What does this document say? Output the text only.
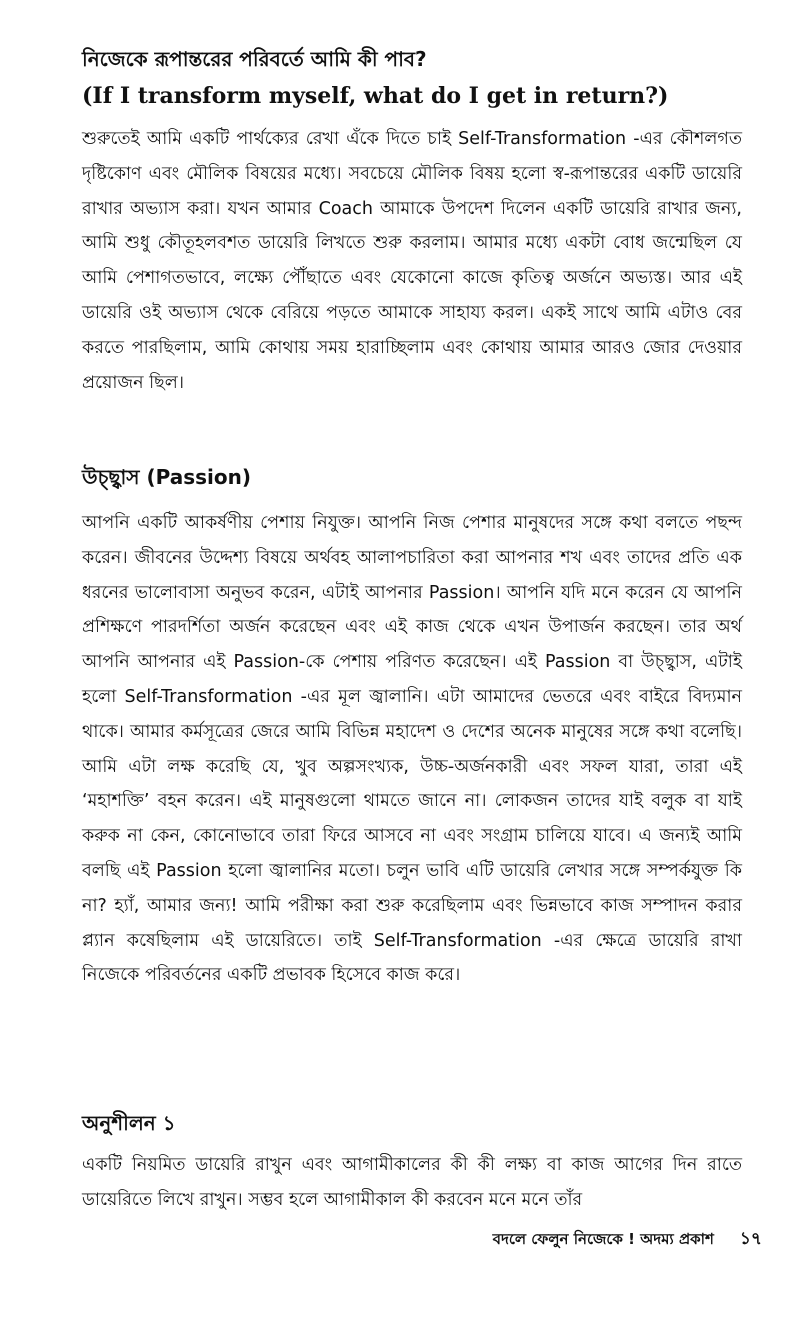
নিজেকে রূপান্তরের পরিবর্তে আমি কী পাব?
(If I transform myself, what do I get in return?)

শুরুতেই আমি একটি পার্থক্যের রেখা এঁকে দিতে চাই Self-Transformation -এর কৌশলগত দৃষ্টিকোণ এবং মৌলিক বিষয়ের মধ্যে। সবচেয়ে মৌলিক বিষয় হলো স্ব-রূপান্তরের একটি ডায়েরি রাখার অভ্যাস করা। যখন আমার Coach আমাকে উপদেশ দিলেন একটি ডায়েরি রাখার জন্য, আমি শুধু কৌতূহলবশত ডায়েরি লিখতে শুরু করলাম। আমার মধ্যে একটা বোধ জন্মেছিল যে আমি পেশাগতভাবে, লক্ষ্যে পৌঁছাতে এবং যেকোনো কাজে কৃতিত্ব অর্জনে অভ্যস্ত। আর এই ডায়েরি ওই অভ্যাস থেকে বেরিয়ে পড়তে আমাকে সাহায্য করল। একই সাথে আমি এটাও বের করতে পারছিলাম, আমি কোথায় সময় হারাচ্ছিলাম এবং কোথায় আমার আরও জোর দেওয়ার প্রয়োজন ছিল।

উচ্ছ্বাস (Passion)

আপনি একটি আকর্ষণীয় পেশায় নিযুক্ত। আপনি নিজ পেশার মানুষদের সঙ্গে কথা বলতে পছন্দ করেন। জীবনের উদ্দেশ্য বিষয়ে অর্থবহ আলাপচারিতা করা আপনার শখ এবং তাদের প্রতি এক ধরনের ভালোবাসা অনুভব করেন, এটাই আপনার Passion। আপনি যদি মনে করেন যে আপনি প্রশিক্ষণে পারদর্শিতা অর্জন করেছেন এবং এই কাজ থেকে এখন উপার্জন করছেন। তার অর্থ আপনি আপনার এই Passion-কে পেশায় পরিণত করেছেন। এই Passion বা উচ্ছ্বাস, এটাই হলো Self-Transformation -এর মূল জ্বালানি। এটা আমাদের ভেতরে এবং বাইরে বিদ্যমান থাকে। আমার কর্মসূত্রের জেরে আমি বিভিন্ন মহাদেশ ও দেশের অনেক মানুষের সঙ্গে কথা বলেছি। আমি এটা লক্ষ করেছি যে, খুব অল্পসংখ্যক, উচ্চ-অর্জনকারী এবং সফল যারা, তারা এই ‘মহাশক্তি’ বহন করেন। এই মানুষগুলো থামতে জানে না। লোকজন তাদের যাই বলুক বা যাই করুক না কেন, কোনোভাবে তারা ফিরে আসবে না এবং সংগ্রাম চালিয়ে যাবে। এ জন্যই আমি বলছি এই Passion হলো জ্বালানির মতো। চলুন ভাবি এটি ডায়েরি লেখার সঙ্গে সম্পর্কযুক্ত কি না? হ্যাঁ, আমার জন্য! আমি পরীক্ষা করা শুরু করেছিলাম এবং ভিন্নভাবে কাজ সম্পাদন করার প্ল্যান কষেছিলাম এই ডায়েরিতে। তাই Self-Transformation -এর ক্ষেত্রে ডায়েরি রাখা নিজেকে পরিবর্তনের একটি প্রভাবক হিসেবে কাজ করে।

অনুশীলন ১

একটি নিয়মিত ডায়েরি রাখুন এবং আগামীকালের কী কী লক্ষ্য বা কাজ আগের দিন রাতে ডায়েরিতে লিখে রাখুন। সম্ভব হলে আগামীকাল কী করবেন মনে মনে তাঁর

বদলে ফেলুন নিজেকে ! অদম্য প্রকাশ ১৭
